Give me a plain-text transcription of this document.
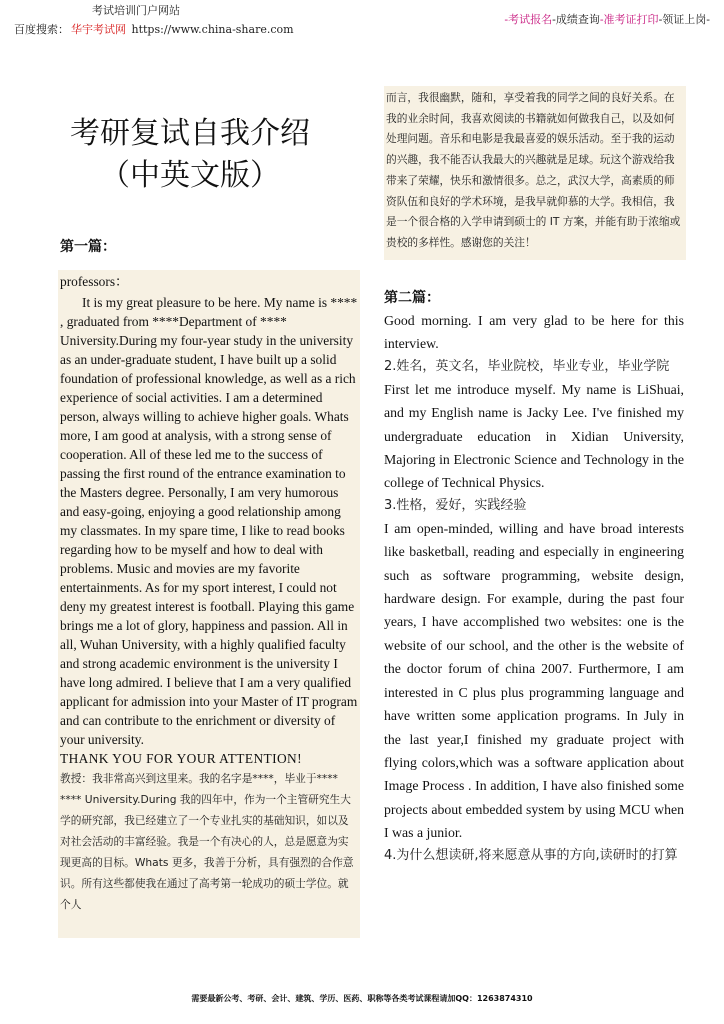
考试培训门户网站
百度搜索： 华宇考试网 https://www.china-share.com
-考试报名-成绩查询-准考证打印-领证上岗-
考研复试自我介绍
（中英文版）
第一篇：
professors：
It is my great pleasure to be here. My name is **** , graduated from ****Department of **** University.During my four-year study in the university as an under-graduate student, I have built up a solid foundation of professional knowledge, as well as a rich experience of social activities. I am a determined person, always willing to achieve higher goals. Whats more, I am good at analysis, with a strong sense of cooperation. All of these led me to the success of passing the first round of the entrance examination to the Masters degree. Personally, I am very humorous and easy-going, enjoying a good relationship among my classmates. In my spare time, I like to read books regarding how to be myself and how to deal with problems. Music and movies are my favorite entertainments. As for my sport interest, I could not deny my greatest interest is football. Playing this game brings me a lot of glory, happiness and passion. All in all, Wuhan University, with a highly qualified faculty and strong academic environment is the university I have long admired. I believe that I am a very qualified applicant for admission into your Master of IT program and can contribute to the enrichment or diversity of your university.
THANK YOU FOR YOUR ATTENTION!
教授：我非常高兴到这里来。我的名字是****，毕业于**** **** University.During 我的四年中，作为一个主管研究生大学的研究部，我已经建立了一个专业扎实的基础知识，如以及对社会活动的丰富经验。我是一个有决心的人，总是愿意为实现更高的目标。Whats 更多，我善于分析，具有强烈的合作意识。所有这些都使我在通过了高考第一轮成功的硕士学位。就个人
而言，我很幽默，随和，享受着我的同学之间的良好关系。在我的业余时间，我喜欢阅读的书籍就如何做我自己，以及如何处理问题。音乐和电影是我最喜爱的娱乐活动。至于我的运动的兴趣，我不能否认我最大的兴趣就是足球。玩这个游戏给我带来了荣耀，快乐和激情很多。总之，武汉大学，高素质的师资队伍和良好的学术环境，是我早就仰慕的大学。我相信，我是一个很合格的入学申请到硕士的 IT 方案，并能有助于浓缩或贵校的多样性。感谢您的关注！
第二篇：

Good morning. I am very glad to be here for this interview.

2.姓名，英文名，毕业院校，毕业专业，毕业学院

First let me introduce myself. My name is LiShuai, and my English name is Jacky Lee. I've finished my undergraduate education in Xidian University, Majoring in Electronic Science and Technology in the college of Technical Physics.

3.性格，爱好，实践经验

I am open-minded, willing and have broad interests like basketball, reading and especially in engineering such as software programming, website design, hardware design. For example, during the past four years, I have accomplished two websites: one is the website of our school, and the other is the website of the doctor forum of china 2007. Furthermore, I am interested in C plus plus programming language and have written some application programs. In July in the last year,I finished my graduate project with flying colors,which was a software application about Image Process . In addition, I have also finished some projects about embedded system by using MCU when I was a junior.

4.为什么想读研,将来愿意从事的方向,读研时的打算

需要最新公考、考研、会计、建筑、学历、医药、职称等各类考试课程请加QQ：1263874310
